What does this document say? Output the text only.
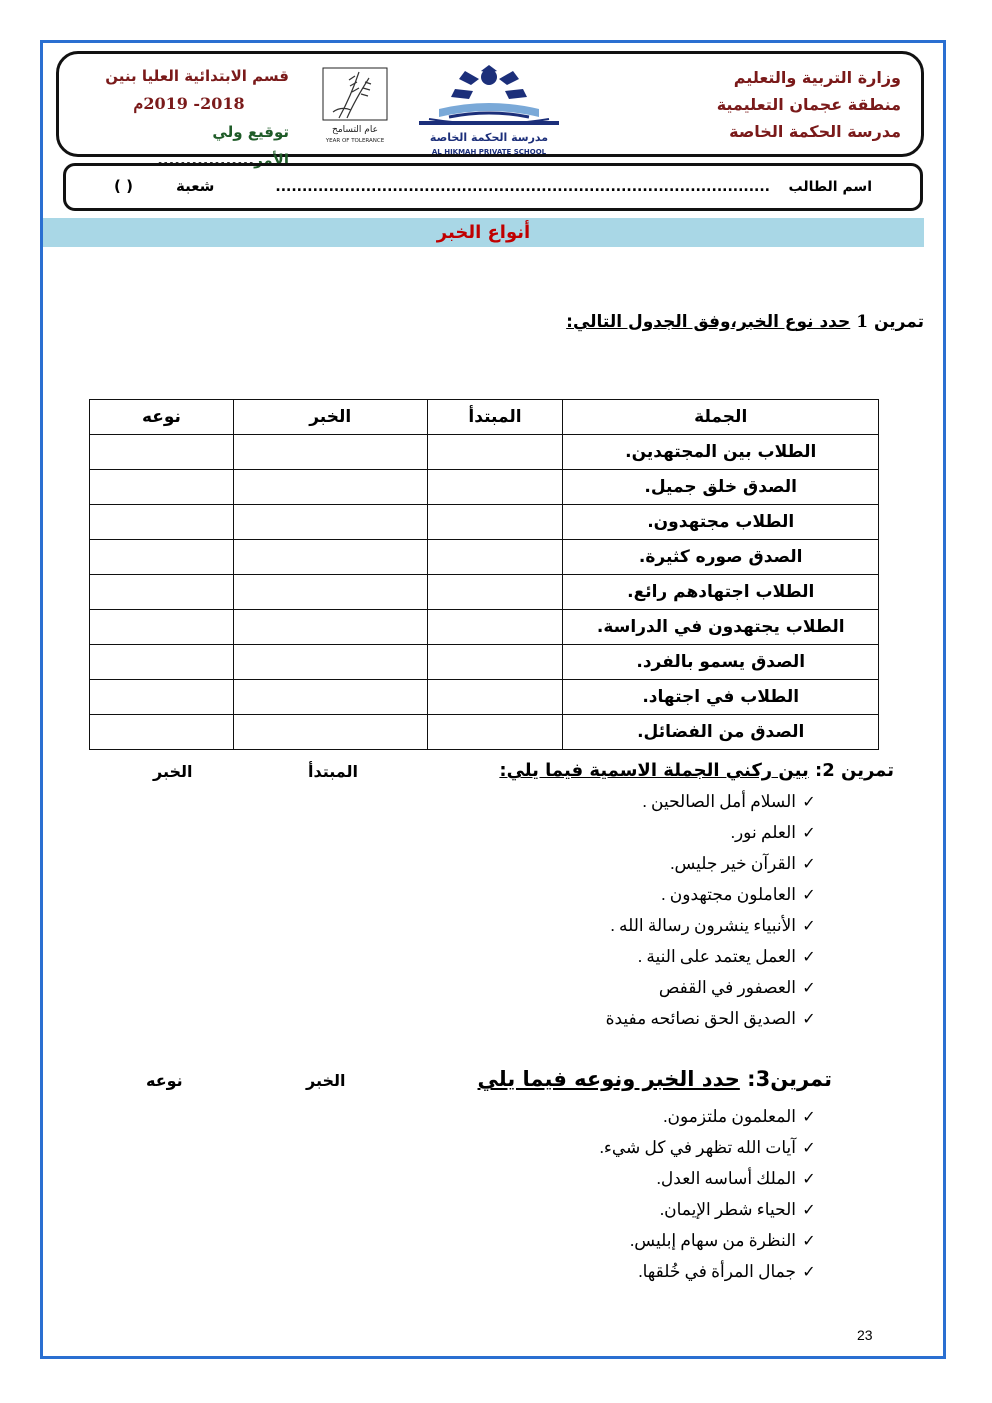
وزارة التربية والتعليم
منطقة عجمان التعليمية
مدرسة الحكمة الخاصة
مدرسة الحكمة الخاصة
AL HIKMAH PRIVATE SCHOOL
عام التسامح
YEAR OF TOLERANCE
قسم الابتدائية العليا بنين
2018- 2019م
توقيع ولي الأمر.................
اسم الطالب
.............................................................................................
شعبة
( )
أنواع الخبر
تمرين 1 حدد نوع الخبر،وفق الجدول التالي:
الجملة	المبتدأ	الخبر	نوعه
الطلاب بين المجتهدين.			
الصدق خلق جميل.			
الطلاب مجتهدون.			
الصدق صوره كثيرة.			
الطلاب اجتهادهم رائع.			
الطلاب يجتهدون في الدراسة.			
الصدق يسمو بالفرد.			
الطلاب في اجتهاد.			
الصدق من الفضائل.			
تمرين 2: بين ركني الجملة الاسمية فيما يلي:
المبتدأ
الخبر
✓السلام أمل الصالحين .
✓العلم نور.
✓القرآن خير جليس.
✓العاملون مجتهدون .
✓الأنبياء ينشرون رسالة الله .
✓العمل يعتمد على النية .
✓العصفور في القفص
✓الصديق الحق نصائحه مفيدة
تمرين3: حدد الخبر ونوعه فيما يلي
الخبر
نوعه
✓المعلمون ملتزمون.
✓آيات الله تظهر في كل شيء.
✓الملك أساسه العدل.
✓الحياء شطر الإيمان.
✓النظرة من سهام إبليس.
✓جمال المرأة في خُلقها.
23
